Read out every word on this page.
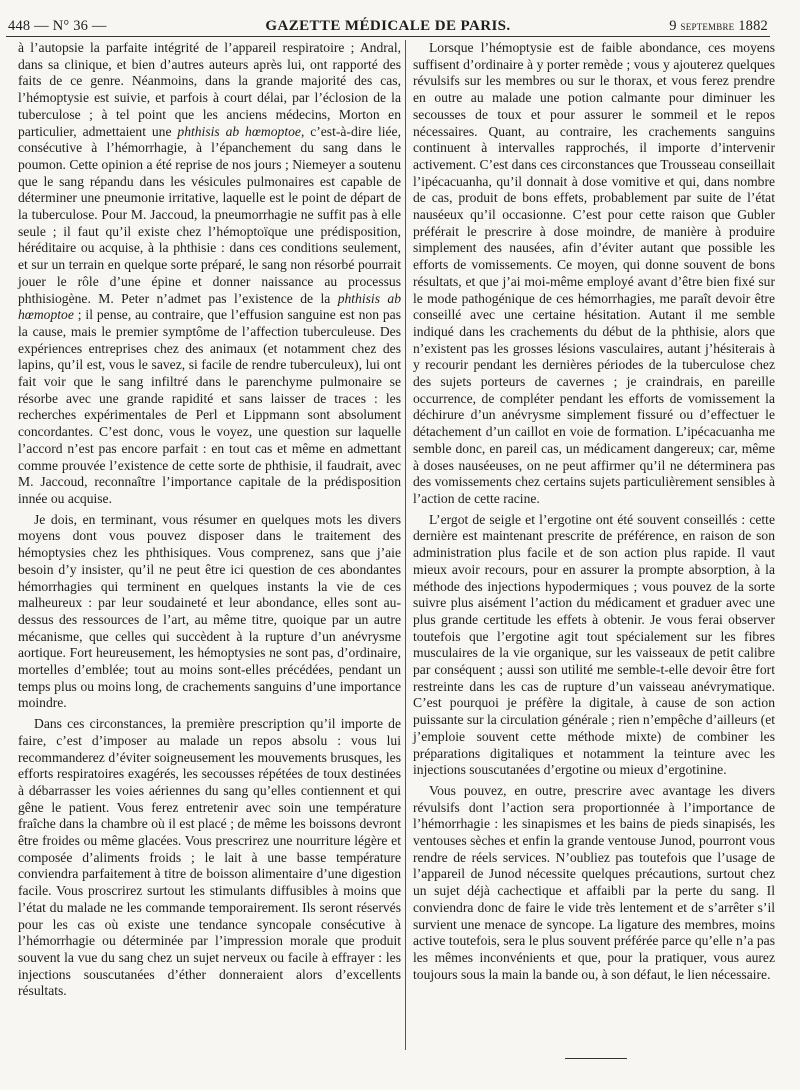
448 — N° 36 —	GAZETTE MÉDICALE DE PARIS.	9 septembre 1882

à l’autopsie la parfaite intégrité de l’appareil respiratoire ; Andral, dans sa clinique, et bien d’autres auteurs après lui, ont rapporté des faits de ce genre. Néanmoins, dans la grande majorité des cas, l’hémoptysie est suivie, et parfois à court délai, par l’éclosion de la tuberculose ; à tel point que les anciens médecins, Morton en particulier, admettaient une phthisis ab hœmoptoe, c’est-à-dire liée, consécutive à l’hémorrhagie, à l’épanchement du sang dans le poumon. Cette opinion a été reprise de nos jours ; Niemeyer a soutenu que le sang répandu dans les vésicules pulmonaires est capable de déterminer une pneumonie irritative, laquelle est le point de départ de la tuberculose. Pour M. Jaccoud, la pneumorrhagie ne suffit pas à elle seule ; il faut qu’il existe chez l’hémoptoïque une prédisposition, héréditaire ou acquise, à la phthisie : dans ces conditions seulement, et sur un terrain en quelque sorte préparé, le sang non résorbé pourrait jouer le rôle d’une épine et donner naissance au processus phthisiogène. M. Peter n’admet pas l’existence de la phthisis ab hœmoptoe ; il pense, au contraire, que l’effusion sanguine est non pas la cause, mais le premier symptôme de l’affection tuberculeuse. Des expériences entreprises chez des animaux (et notamment chez des lapins, qu’il est, vous le savez, si facile de rendre tuberculeux), lui ont fait voir que le sang infiltré dans le parenchyme pulmonaire se résorbe avec une grande rapidité et sans laisser de traces : les recherches expérimentales de Perl et Lippmann sont absolument concordantes. C’est donc, vous le voyez, une question sur laquelle l’accord n’est pas encore parfait : en tout cas et même en admettant comme prouvée l’existence de cette sorte de phthisie, il faudrait, avec M. Jaccoud, reconnaître l’importance capitale de la prédisposition innée ou acquise.

Je dois, en terminant, vous résumer en quelques mots les divers moyens dont vous pouvez disposer dans le traitement des hémoptysies chez les phthisiques. Vous comprenez, sans que j’aie besoin d’y insister, qu’il ne peut être ici question de ces abondantes hémorrhagies qui terminent en quelques instants la vie de ces malheureux : par leur soudaineté et leur abondance, elles sont au-dessus des ressources de l’art, au même titre, quoique par un autre mécanisme, que celles qui succèdent à la rupture d’un anévrysme aortique. Fort heureusement, les hémoptysies ne sont pas, d’ordinaire, mortelles d’emblée; tout au moins sont-elles précédées, pendant un temps plus ou moins long, de crachements sanguins d’une importance moindre.

Dans ces circonstances, la première prescription qu’il importe de faire, c’est d’imposer au malade un repos absolu : vous lui recommanderez d’éviter soigneusement les mouvements brusques, les efforts respiratoires exagérés, les secousses répétées de toux destinées à débarrasser les voies aériennes du sang qu’elles contiennent et qui gêne le patient. Vous ferez entretenir avec soin une température fraîche dans la chambre où il est placé ; de même les boissons devront être froides ou même glacées. Vous prescrirez une nourriture légère et composée d’aliments froids ; le lait à une basse température conviendra parfaitement à titre de boisson alimentaire d’une digestion facile. Vous proscrirez surtout les stimulants diffusibles à moins que l’état du malade ne les commande temporairement. Ils seront réservés pour les cas où existe une tendance syncopale consécutive à l’hémorrhagie ou déterminée par l’impression morale que produit souvent la vue du sang chez un sujet nerveux ou facile à effrayer : les injections souscutanées d’éther donneraient alors d’excellents résultats.

Lorsque l’hémoptysie est de faible abondance, ces moyens suffisent d’ordinaire à y porter remède ; vous y ajouterez quelques révulsifs sur les membres ou sur le thorax, et vous ferez prendre en outre au malade une potion calmante pour diminuer les secousses de toux et pour assurer le sommeil et le repos nécessaires. Quant, au contraire, les crachements sanguins continuent à intervalles rapprochés, il importe d’intervenir activement. C’est dans ces circonstances que Trousseau conseillait l’ipécacuanha, qu’il donnait à dose vomitive et qui, dans nombre de cas, produit de bons effets, probablement par suite de l’état nauséeux qu’il occasionne. C’est pour cette raison que Gubler préférait le prescrire à dose moindre, de manière à produire simplement des nausées, afin d’éviter autant que possible les efforts de vomissements. Ce moyen, qui donne souvent de bons résultats, et que j’ai moi-même employé avant d’être bien fixé sur le mode pathogénique de ces hémorrhagies, me paraît devoir être conseillé avec une certaine hésitation. Autant il me semble indiqué dans les crachements du début de la phthisie, alors que n’existent pas les grosses lésions vasculaires, autant j’hésiterais à y recourir pendant les dernières périodes de la tuberculose chez des sujets porteurs de cavernes ; je craindrais, en pareille occurrence, de compléter pendant les efforts de vomissement la déchirure d’un anévrysme simplement fissuré ou d’effectuer le détachement d’un caillot en voie de formation. L’ipécacuanha me semble donc, en pareil cas, un médicament dangereux; car, même à doses nauséeuses, on ne peut affirmer qu’il ne déterminera pas des vomissements chez certains sujets particulièrement sensibles à l’action de cette racine.

L’ergot de seigle et l’ergotine ont été souvent conseillés : cette dernière est maintenant prescrite de préférence, en raison de son administration plus facile et de son action plus rapide. Il vaut mieux avoir recours, pour en assurer la prompte absorption, à la méthode des injections hypodermiques ; vous pouvez de la sorte suivre plus aisément l’action du médicament et graduer avec une plus grande certitude les effets à obtenir. Je vous ferai observer toutefois que l’ergotine agit tout spécialement sur les fibres musculaires de la vie organique, sur les vaisseaux de petit calibre par conséquent ; aussi son utilité me semble-t-elle devoir être fort restreinte dans les cas de rupture d’un vaisseau anévrymatique. C’est pourquoi je préfère la digitale, à cause de son action puissante sur la circulation générale ; rien n’empêche d’ailleurs (et j’emploie souvent cette méthode mixte) de combiner les préparations digitaliques et notamment la teinture avec les injections souscutanées d’ergotine ou mieux d’ergotinine.

Vous pouvez, en outre, prescrire avec avantage les divers révulsifs dont l’action sera proportionnée à l’importance de l’hémorrhagie : les sinapismes et les bains de pieds sinapisés, les ventouses sèches et enfin la grande ventouse Junod, pourront vous rendre de réels services. N’oubliez pas toutefois que l’usage de l’appareil de Junod nécessite quelques précautions, surtout chez un sujet déjà cachectique et affaibli par la perte du sang. Il conviendra donc de faire le vide très lentement et de s’arrêter s’il survient une menace de syncope. La ligature des membres, moins active toutefois, sera le plus souvent préférée parce qu’elle n’a pas les mêmes inconvénients et que, pour la pratiquer, vous aurez toujours sous la main la bande ou, à son défaut, le lien nécessaire.
